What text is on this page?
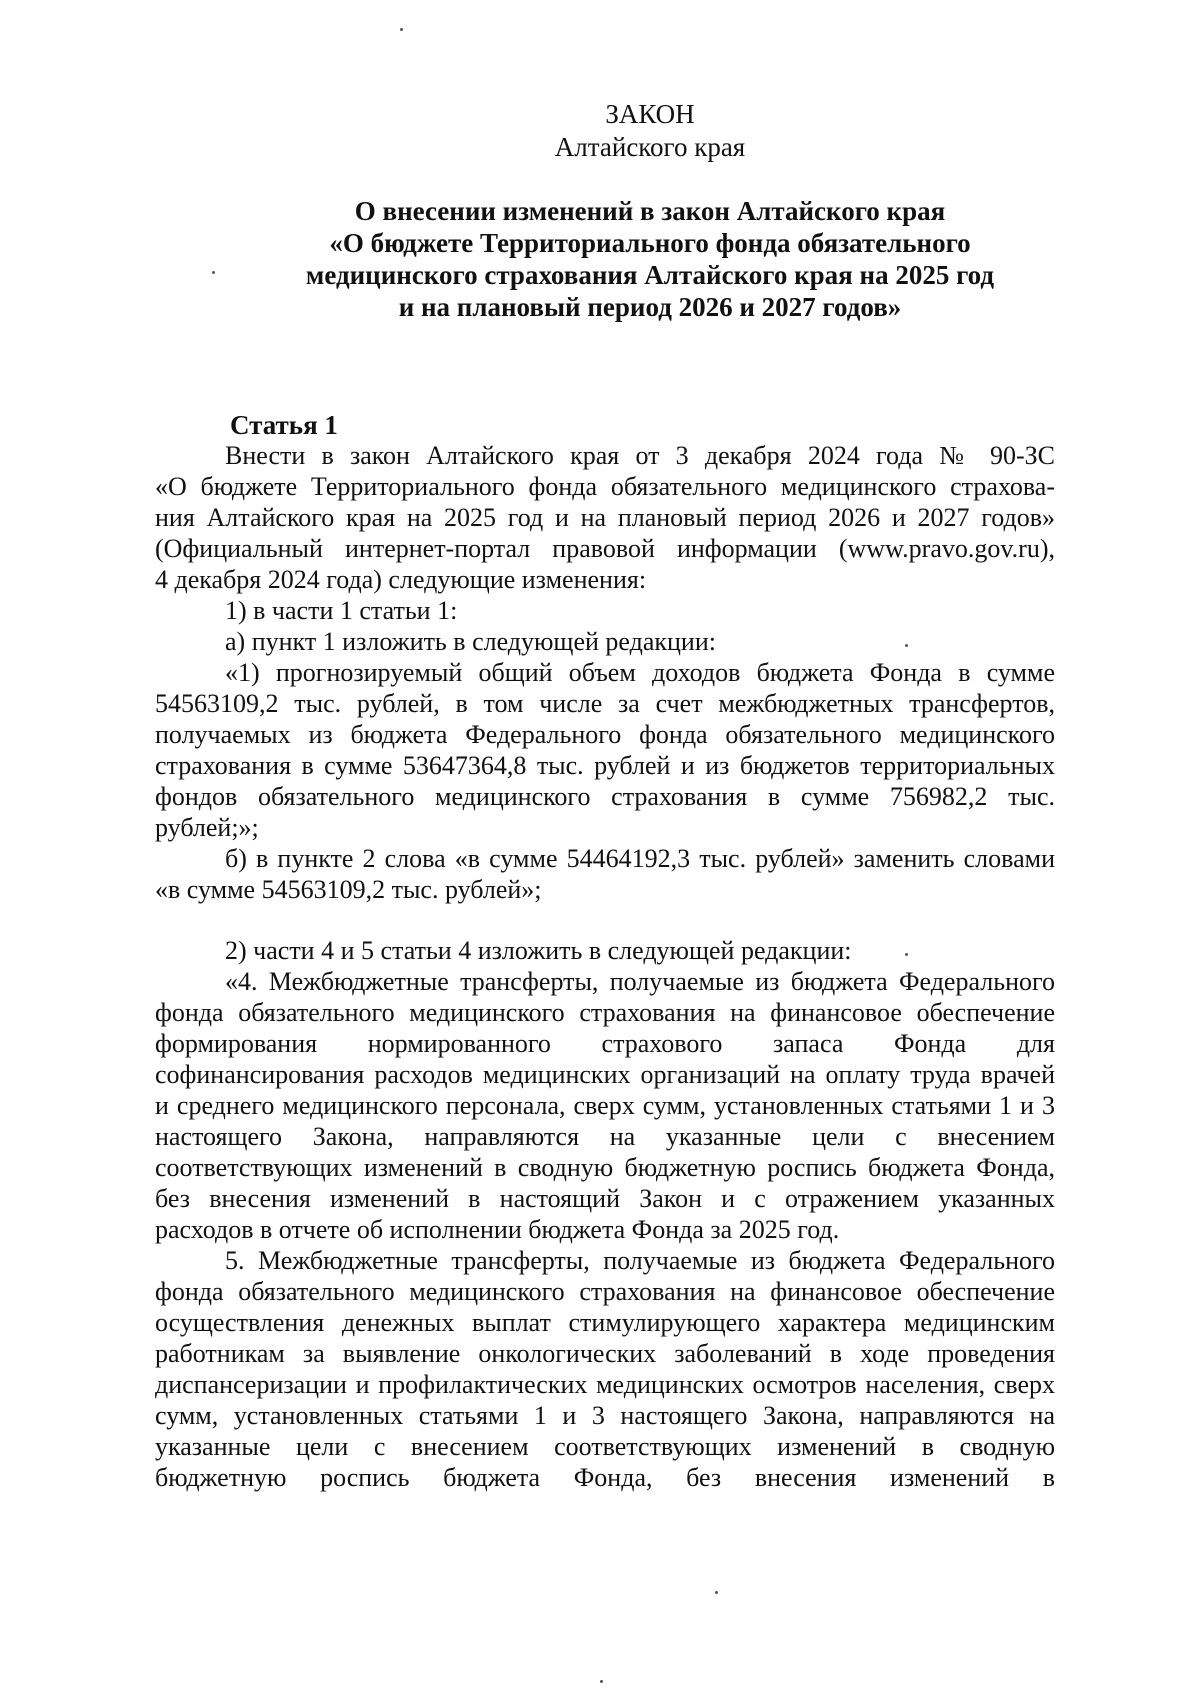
ЗАКОН
Алтайского края
О внесении изменений в закон Алтайского края
«О бюджете Территориального фонда обязательного
медицинского страхования Алтайского края на 2025 год
и на плановый период 2026 и 2027 годов»
Статья 1
Внести в закон Алтайского края от 3 декабря 2024 года № 90-ЗС
«О бюджете Территориального фонда обязательного медицинского страхова-
ния Алтайского края на 2025 год и на плановый период 2026 и 2027 годов»
(Официальный интернет-портал правовой информации (www.pravo.gov.ru),
4 декабря 2024 года) следующие изменения:
1) в части 1 статьи 1:
а) пункт 1 изложить в следующей редакции:
«1) прогнозируемый общий объем доходов бюджета Фонда в сумме
54563109,2 тыс. рублей, в том числе за счет межбюджетных трансфертов,
получаемых из бюджета Федерального фонда обязательного медицинского
страхования в сумме 53647364,8 тыс. рублей и из бюджетов территориальных
фондов обязательного медицинского страхования в сумме 756982,2 тыс.
рублей;»;
б) в пункте 2 слова «в сумме 54464192,3 тыс. рублей» заменить словами
«в сумме 54563109,2 тыс. рублей»;
2) части 4 и 5 статьи 4 изложить в следующей редакции:
«4. Межбюджетные трансферты, получаемые из бюджета Федерального
фонда обязательного медицинского страхования на финансовое обеспечение
формирования нормированного страхового запаса Фонда для
софинансирования расходов медицинских организаций на оплату труда врачей
и среднего медицинского персонала, сверх сумм, установленных статьями 1 и 3
настоящего Закона, направляются на указанные цели с внесением
соответствующих изменений в сводную бюджетную роспись бюджета Фонда,
без внесения изменений в настоящий Закон и с отражением указанных
расходов в отчете об исполнении бюджета Фонда за 2025 год.
5. Межбюджетные трансферты, получаемые из бюджета Федерального
фонда обязательного медицинского страхования на финансовое обеспечение
осуществления денежных выплат стимулирующего характера медицинским
работникам за выявление онкологических заболеваний в ходе проведения
диспансеризации и профилактических медицинских осмотров населения, сверх
сумм, установленных статьями 1 и 3 настоящего Закона, направляются на
указанные цели с внесением соответствующих изменений в сводную
бюджетную роспись бюджета Фонда, без внесения изменений в
